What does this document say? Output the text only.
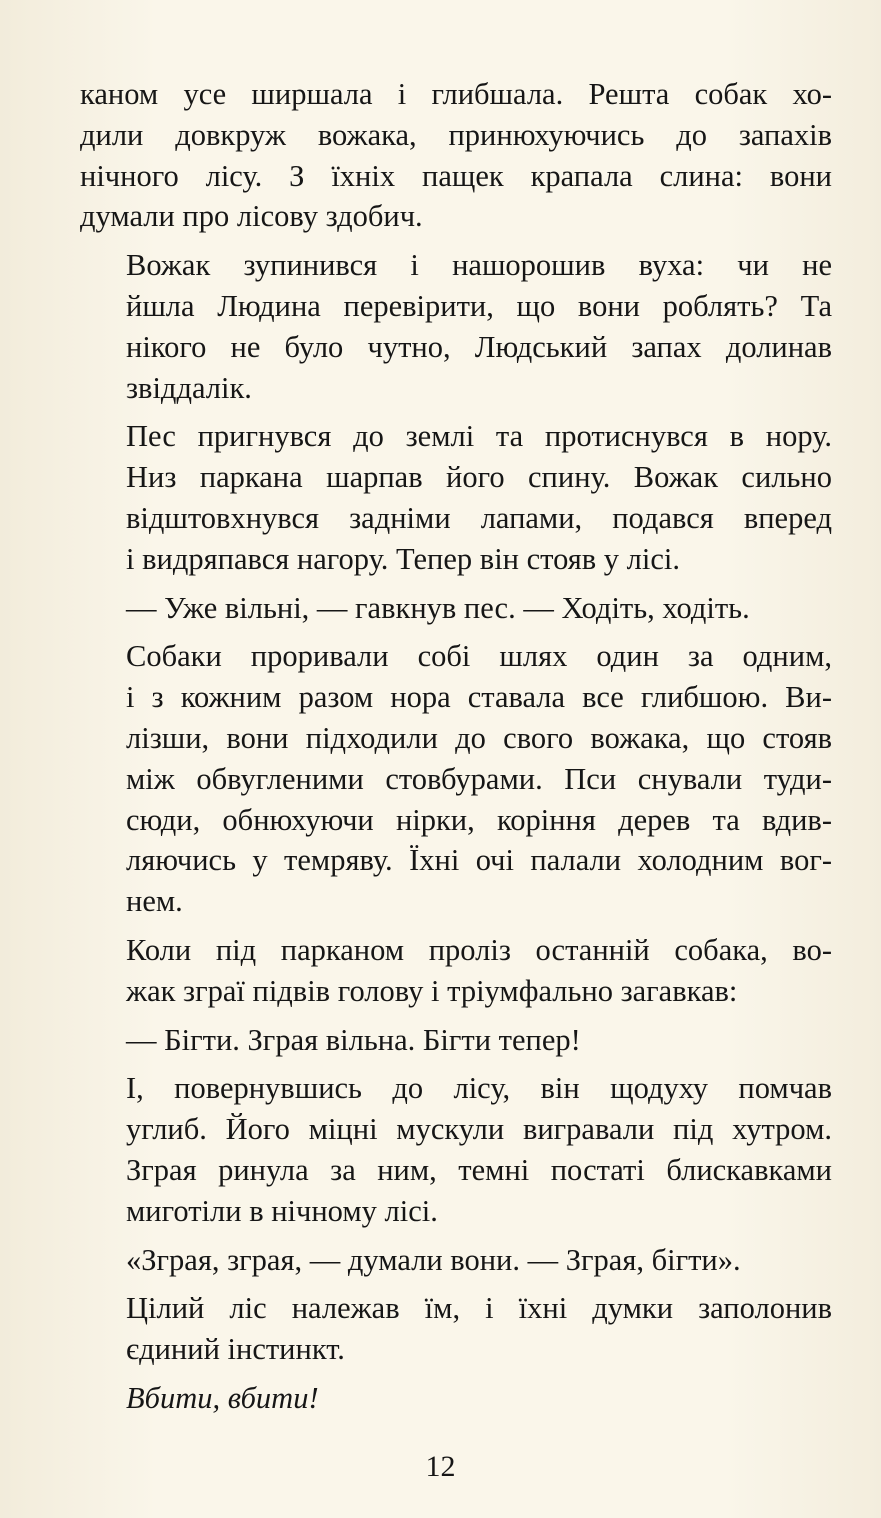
каном усе ширшала і глибшала. Решта собак хо-
дили довкруж вожака, принюхуючись до запахів
нічного лісу. З їхніх пащек крапала слина: вони
думали про лісову здобич.

Вожак зупинився і нашорошив вуха: чи не
йшла Людина перевірити, що вони роблять? Та
нікого не було чутно, Людський запах долинав
звіддалік.

Пес пригнувся до землі та протиснувся в нору.
Низ паркана шарпав його спину. Вожак сильно
відштовхнувся задніми лапами, подався вперед
і видряпався нагору. Тепер він стояв у лісі.

— Уже вільні, — гавкнув пес. — Ходіть, ходіть.

Собаки проривали собі шлях один за одним,
і з кожним разом нора ставала все глибшою. Ви-
лізши, вони підходили до свого вожака, що стояв
між обвугленими стовбурами. Пси снували туди-
сюди, обнюхуючи нірки, коріння дерев та вдив-
ляючись у темряву. Їхні очі палали холодним вог-
нем.

Коли під парканом проліз останній собака, во-
жак зграї підвів голову і тріумфально загавкав:

— Бігти. Зграя вільна. Бігти тепер!

І, повернувшись до лісу, він щодуху помчав
углиб. Його міцні мускули вигравали під хутром.
Зграя ринула за ним, темні постаті блискавками
миготіли в нічному лісі.

«Зграя, зграя, — думали вони. — Зграя, бігти».

Цілий ліс належав їм, і їхні думки заполонив
єдиний інстинкт.

Вбити, вбити!

12
